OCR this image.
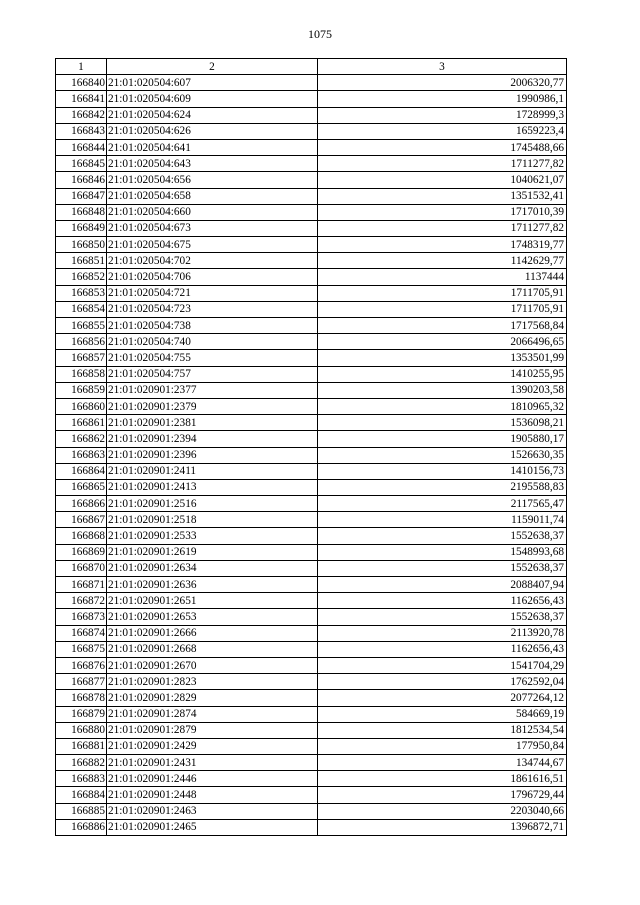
1075
1	2	3
166840	21:01:020504:607	2006320,77
166841	21:01:020504:609	1990986,1
166842	21:01:020504:624	1728999,3
166843	21:01:020504:626	1659223,4
166844	21:01:020504:641	1745488,66
166845	21:01:020504:643	1711277,82
166846	21:01:020504:656	1040621,07
166847	21:01:020504:658	1351532,41
166848	21:01:020504:660	1717010,39
166849	21:01:020504:673	1711277,82
166850	21:01:020504:675	1748319,77
166851	21:01:020504:702	1142629,77
166852	21:01:020504:706	1137444
166853	21:01:020504:721	1711705,91
166854	21:01:020504:723	1711705,91
166855	21:01:020504:738	1717568,84
166856	21:01:020504:740	2066496,65
166857	21:01:020504:755	1353501,99
166858	21:01:020504:757	1410255,95
166859	21:01:020901:2377	1390203,58
166860	21:01:020901:2379	1810965,32
166861	21:01:020901:2381	1536098,21
166862	21:01:020901:2394	1905880,17
166863	21:01:020901:2396	1526630,35
166864	21:01:020901:2411	1410156,73
166865	21:01:020901:2413	2195588,83
166866	21:01:020901:2516	2117565,47
166867	21:01:020901:2518	1159011,74
166868	21:01:020901:2533	1552638,37
166869	21:01:020901:2619	1548993,68
166870	21:01:020901:2634	1552638,37
166871	21:01:020901:2636	2088407,94
166872	21:01:020901:2651	1162656,43
166873	21:01:020901:2653	1552638,37
166874	21:01:020901:2666	2113920,78
166875	21:01:020901:2668	1162656,43
166876	21:01:020901:2670	1541704,29
166877	21:01:020901:2823	1762592,04
166878	21:01:020901:2829	2077264,12
166879	21:01:020901:2874	584669,19
166880	21:01:020901:2879	1812534,54
166881	21:01:020901:2429	177950,84
166882	21:01:020901:2431	134744,67
166883	21:01:020901:2446	1861616,51
166884	21:01:020901:2448	1796729,44
166885	21:01:020901:2463	2203040,66
166886	21:01:020901:2465	1396872,71
